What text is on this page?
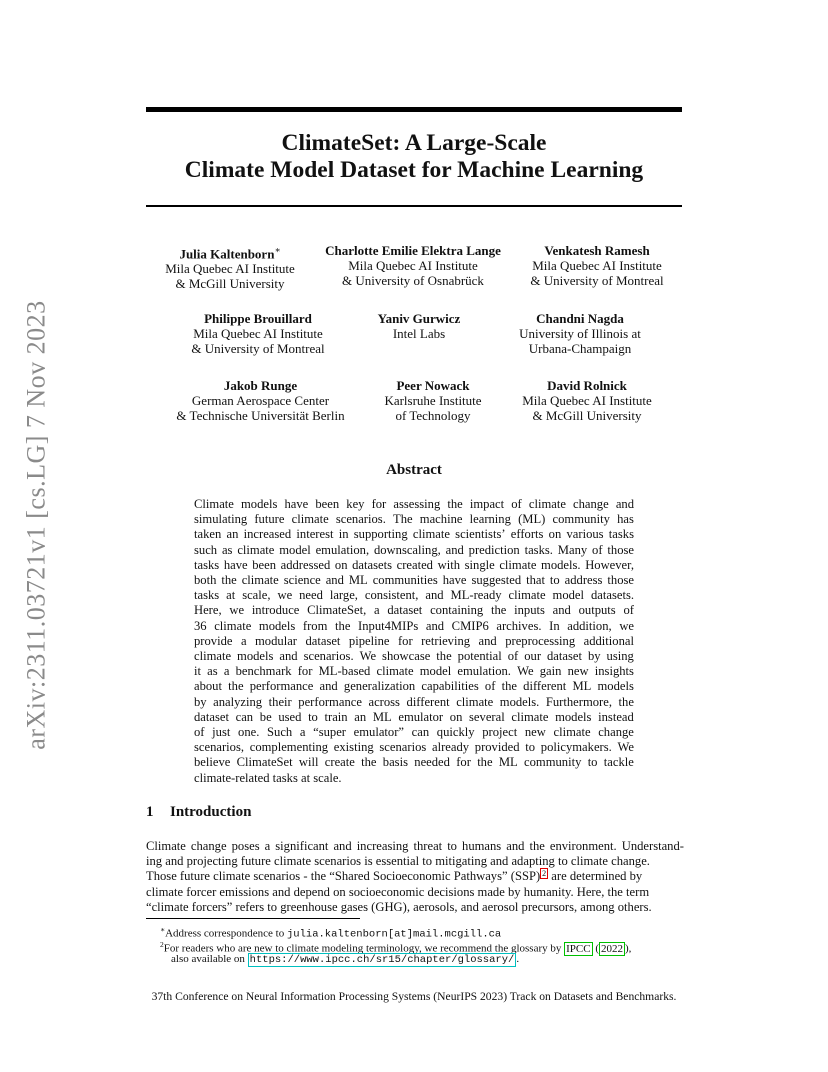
arXiv:2311.03721v1 [cs.LG] 7 Nov 2023
ClimateSet: A Large-Scale
Climate Model Dataset for Machine Learning
Julia Kaltenborn∗
Mila Quebec AI Institute
& McGill University
Charlotte Emilie Elektra Lange
Mila Quebec AI Institute
& University of Osnabrück
Venkatesh Ramesh
Mila Quebec AI Institute
& University of Montreal
Philippe Brouillard
Mila Quebec AI Institute
& University of Montreal
Yaniv Gurwicz
Intel Labs
Chandni Nagda
University of Illinois at
Urbana-Champaign
Jakob Runge
German Aerospace Center
& Technische Universität Berlin
Peer Nowack
Karlsruhe Institute
of Technology
David Rolnick
Mila Quebec AI Institute
& McGill University
Abstract
Climate models have been key for assessing the impact of climate change and
simulating future climate scenarios. The machine learning (ML) community has
taken an increased interest in supporting climate scientists’ efforts on various tasks
such as climate model emulation, downscaling, and prediction tasks. Many of those
tasks have been addressed on datasets created with single climate models. However,
both the climate science and ML communities have suggested that to address those
tasks at scale, we need large, consistent, and ML-ready climate model datasets.
Here, we introduce ClimateSet, a dataset containing the inputs and outputs of
36 climate models from the Input4MIPs and CMIP6 archives. In addition, we
provide a modular dataset pipeline for retrieving and preprocessing additional
climate models and scenarios. We showcase the potential of our dataset by using
it as a benchmark for ML-based climate model emulation. We gain new insights
about the performance and generalization capabilities of the different ML models
by analyzing their performance across different climate models. Furthermore, the
dataset can be used to train an ML emulator on several climate models instead
of just one. Such a “super emulator” can quickly project new climate change
scenarios, complementing existing scenarios already provided to policymakers. We
believe ClimateSet will create the basis needed for the ML community to tackle
climate-related tasks at scale.
1 Introduction
Climate change poses a significant and increasing threat to humans and the environment. Understand-
ing and projecting future climate scenarios is essential to mitigating and adapting to climate change.
Those future climate scenarios - the “Shared Socioeconomic Pathways” (SSP) $^2$ are determined by
climate forcer emissions and depend on socioeconomic decisions made by humanity. Here, the term
“climate forcers” refers to greenhouse gases (GHG), aerosols, and aerosol precursors, among others.
∗Address correspondence to julia.kaltenborn[at]mail.mcgill.ca
$^2$For readers who are new to climate modeling terminology, we recommend the glossary by IPCC ( 2022 ),
also available on https://www.ipcc.ch/sr15/chapter/glossary/ .
37th Conference on Neural Information Processing Systems (NeurIPS 2023) Track on Datasets and Benchmarks.
